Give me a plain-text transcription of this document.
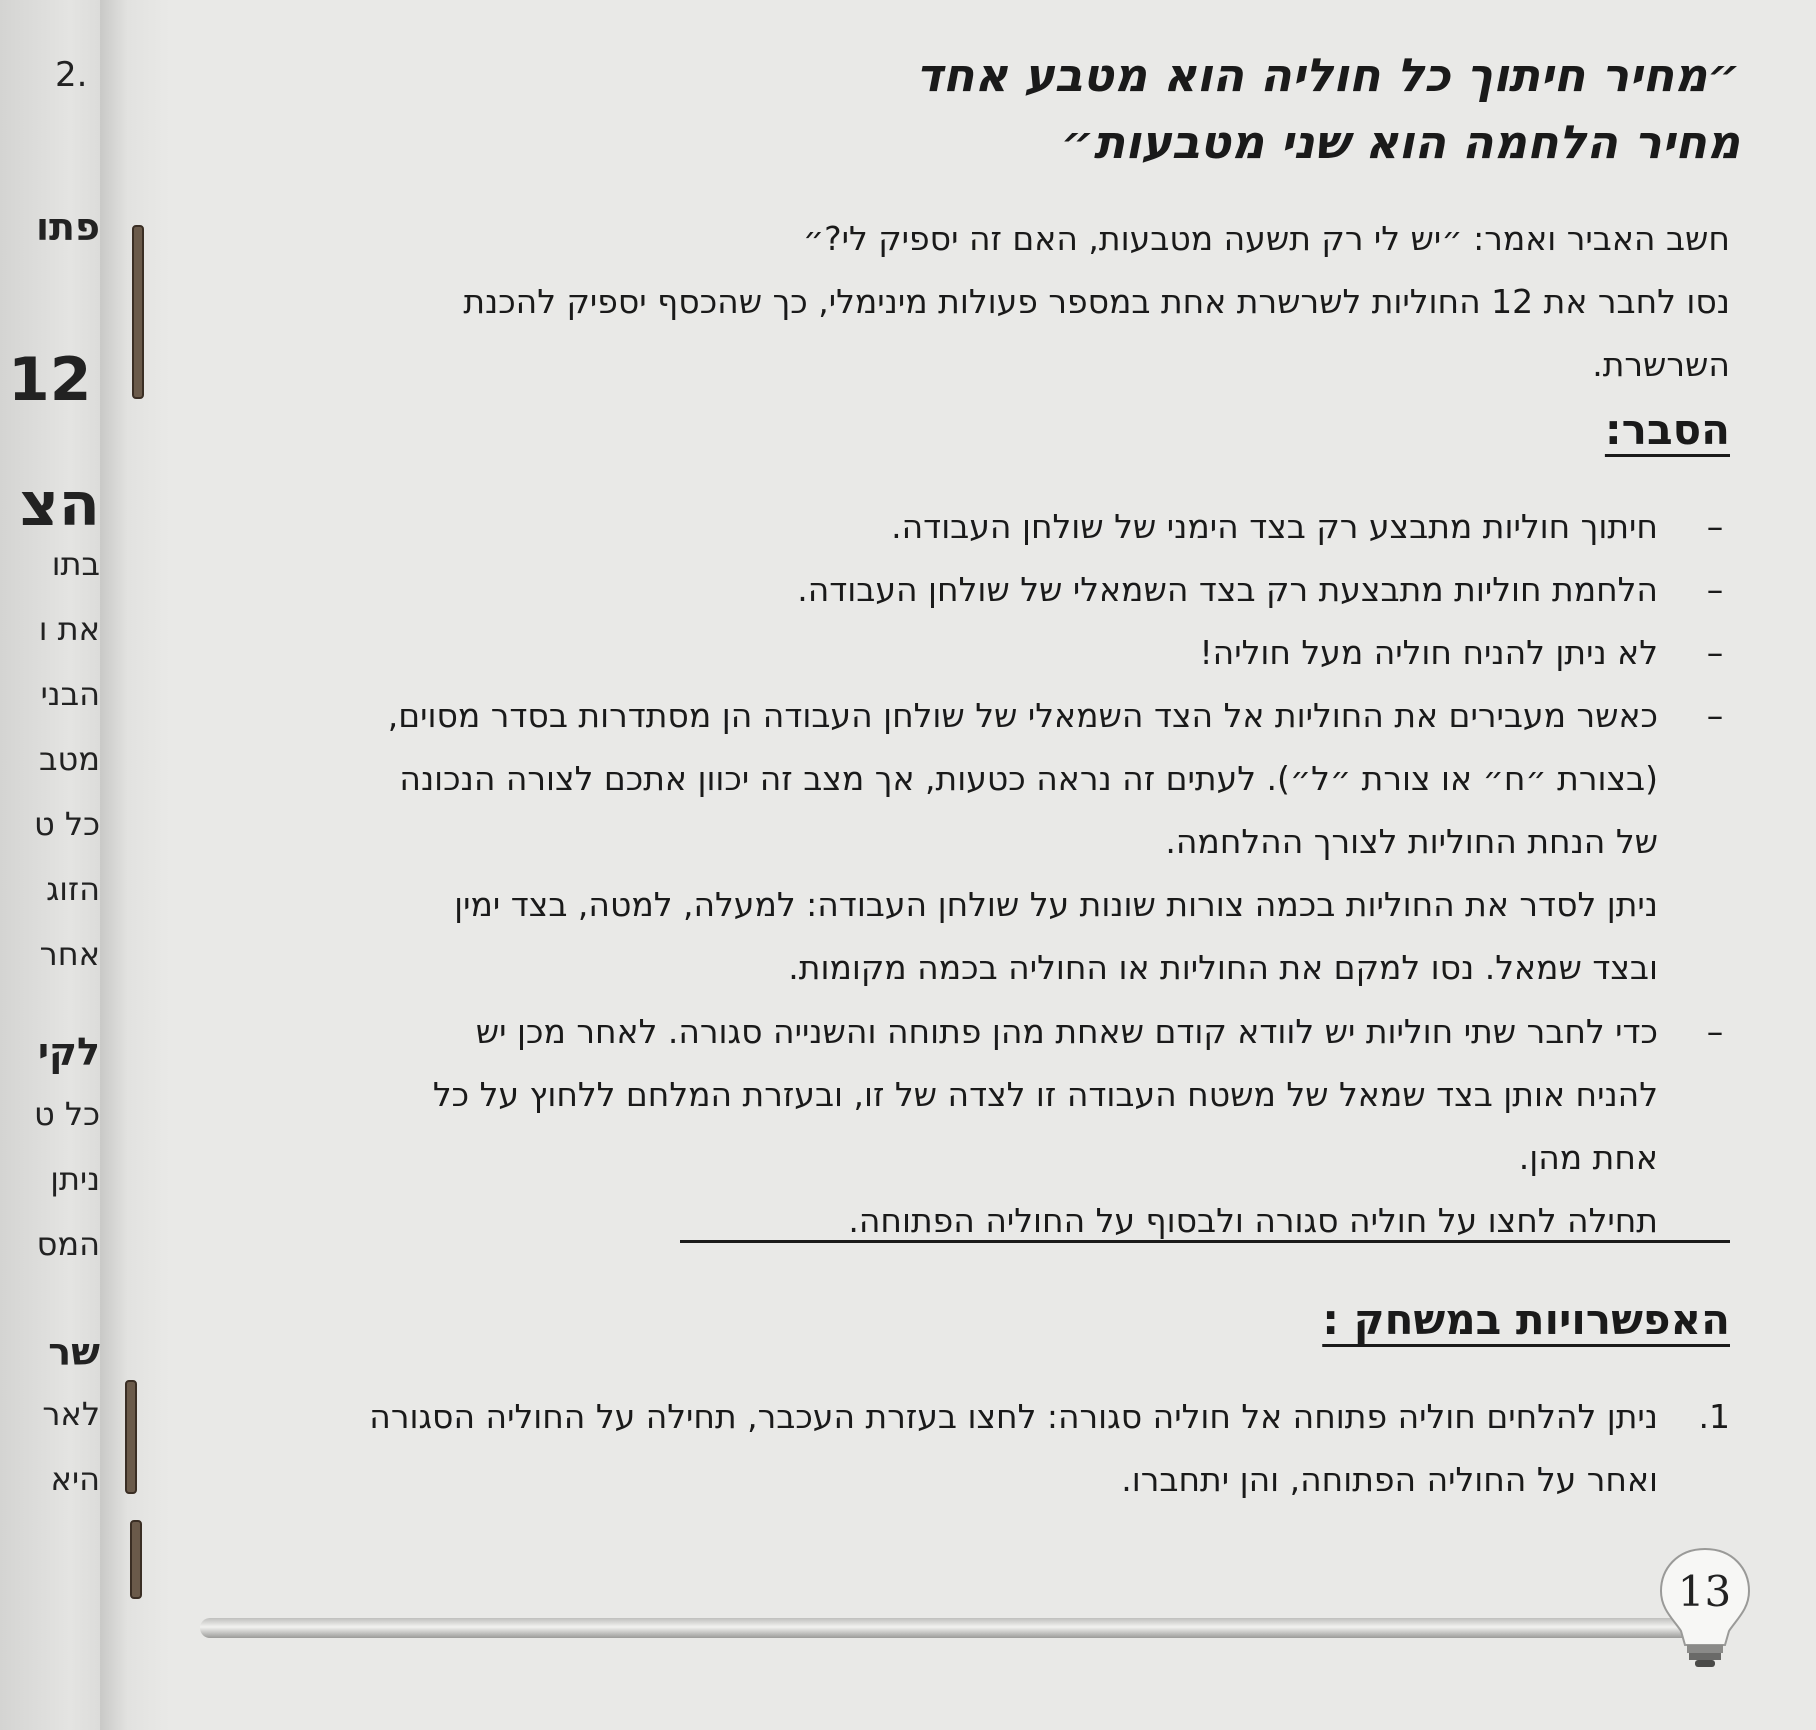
2.
פתו
12
הצ
בתו
את ו
הבני
מטב
כל ט
הזוג
אחר
לקי
כל ט
ניתן
המס
שר
לאר
היא
״מחיר חיתוך כל חוליה הוא מטבע אחד
מחיר הלחמה הוא שני מטבעות״
חשב האביר ואמר: ״יש לי רק תשעה מטבעות, האם זה יספיק לי?״
נסו לחבר את 12 החוליות לשרשרת אחת במספר פעולות מינימלי, כך שהכסף יספיק להכנת
השרשרת.
הסבר:
–
חיתוך חוליות מתבצע רק בצד הימני של שולחן העבודה.
–
הלחמת חוליות מתבצעת רק בצד השמאלי של שולחן העבודה.
–
לא ניתן להניח חוליה מעל חוליה!
–
כאשר מעבירים את החוליות אל הצד השמאלי של שולחן העבודה הן מסתדרות בסדר מסוים,
(בצורת ״ח״ או צורת ״ל״). לעתים זה נראה כטעות, אך מצב זה יכוון אתכם לצורה הנכונה
של הנחת החוליות לצורך ההלחמה.
ניתן לסדר את החוליות בכמה צורות שונות על שולחן העבודה: למעלה, למטה, בצד ימין
ובצד שמאל. נסו למקם את החוליות או החוליה בכמה מקומות.
–
כדי לחבר שתי חוליות יש לוודא קודם שאחת מהן פתוחה והשנייה סגורה. לאחר מכן יש
להניח אותן בצד שמאל של משטח העבודה זו לצדה של זו, ובעזרת המלחם ללחוץ על כל
אחת מהן.
תחילה לחצו על חוליה סגורה ולבסוף על החוליה הפתוחה.
האפשרויות במשחק :
1.
ניתן להלחים חוליה פתוחה אל חוליה סגורה: לחצו בעזרת העכבר, תחילה על החוליה הסגורה
ואחר על החוליה הפתוחה, והן יתחברו.
13
